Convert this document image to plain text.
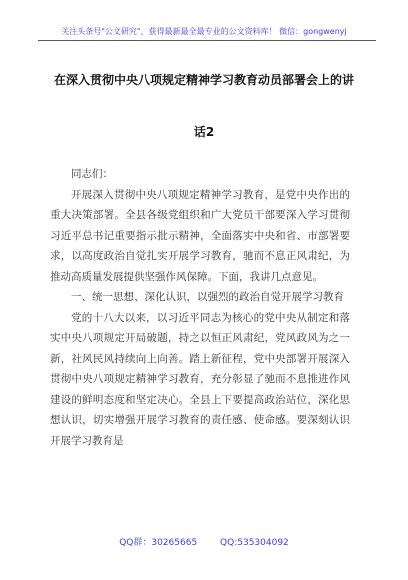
关注头条号"公文研究"，获得最新最全最专业的公文资料库！ 微信：gongwenyj
在深入贯彻中央八项规定精神学习教育动员部署会上的讲
话2

同志们：

开展深入贯彻中央八项规定精神学习教育，是党中央作出的重大决策部署。全县各级党组织和广大党员干部要深入学习贯彻习近平总书记重要指示批示精神，全面落实中央和省、市部署要求，以高度政治自觉扎实开展学习教育，驰而不息正风肃纪，为推动高质量发展提供坚强作风保障。下面，我讲几点意见。

一、统一思想、深化认识，以强烈的政治自觉开展学习教育

党的十八大以来，以习近平同志为核心的党中央从制定和落实中央八项规定开局破题，持之以恒正风肃纪，党风政风为之一新，社风民风持续向上向善。踏上新征程，党中央部署开展深入贯彻中央八项规定精神学习教育，充分彰显了驰而不息推进作风建设的鲜明态度和坚定决心。全县上下要提高政治站位，深化思想认识，切实增强开展学习教育的责任感、使命感。要深刻认识开展学习教育是

QQ群：30265665	QQ:535304092
